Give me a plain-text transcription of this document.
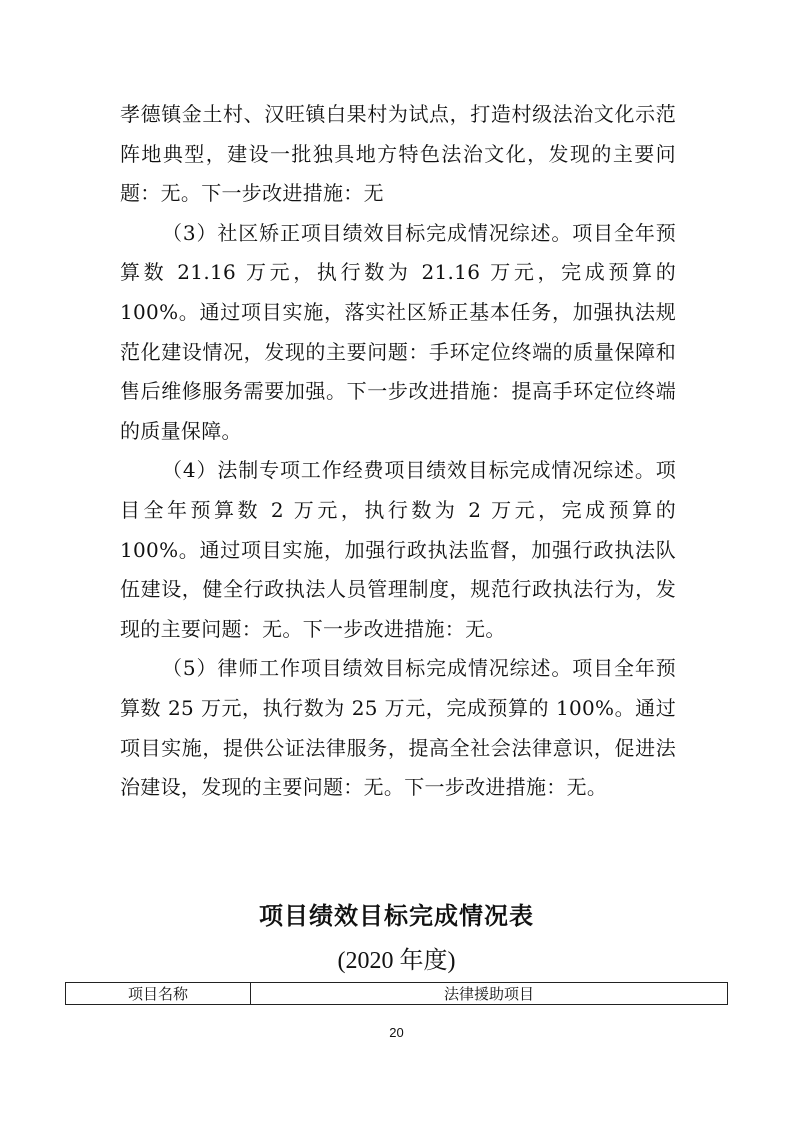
孝德镇金土村、汉旺镇白果村为试点，打造村级法治文化示范阵地典型，建设一批独具地方特色法治文化，发现的主要问题：无。下一步改进措施：无

（3）社区矫正项目绩效目标完成情况综述。项目全年预算数 21.16 万元，执行数为 21.16 万元，完成预算的 100%。通过项目实施，落实社区矫正基本任务，加强执法规范化建设情况，发现的主要问题：手环定位终端的质量保障和售后维修服务需要加强。下一步改进措施：提高手环定位终端的质量保障。

（4）法制专项工作经费项目绩效目标完成情况综述。项目全年预算数 2 万元，执行数为 2 万元，完成预算的 100%。通过项目实施，加强行政执法监督，加强行政执法队伍建设，健全行政执法人员管理制度，规范行政执法行为，发现的主要问题：无。下一步改进措施：无。

（5）律师工作项目绩效目标完成情况综述。项目全年预算数 25 万元，执行数为 25 万元，完成预算的 100%。通过项目实施，提供公证法律服务，提高全社会法律意识，促进法治建设，发现的主要问题：无。下一步改进措施：无。

项目绩效目标完成情况表
(2020 年度)
项目名称	法律援助项目
20
